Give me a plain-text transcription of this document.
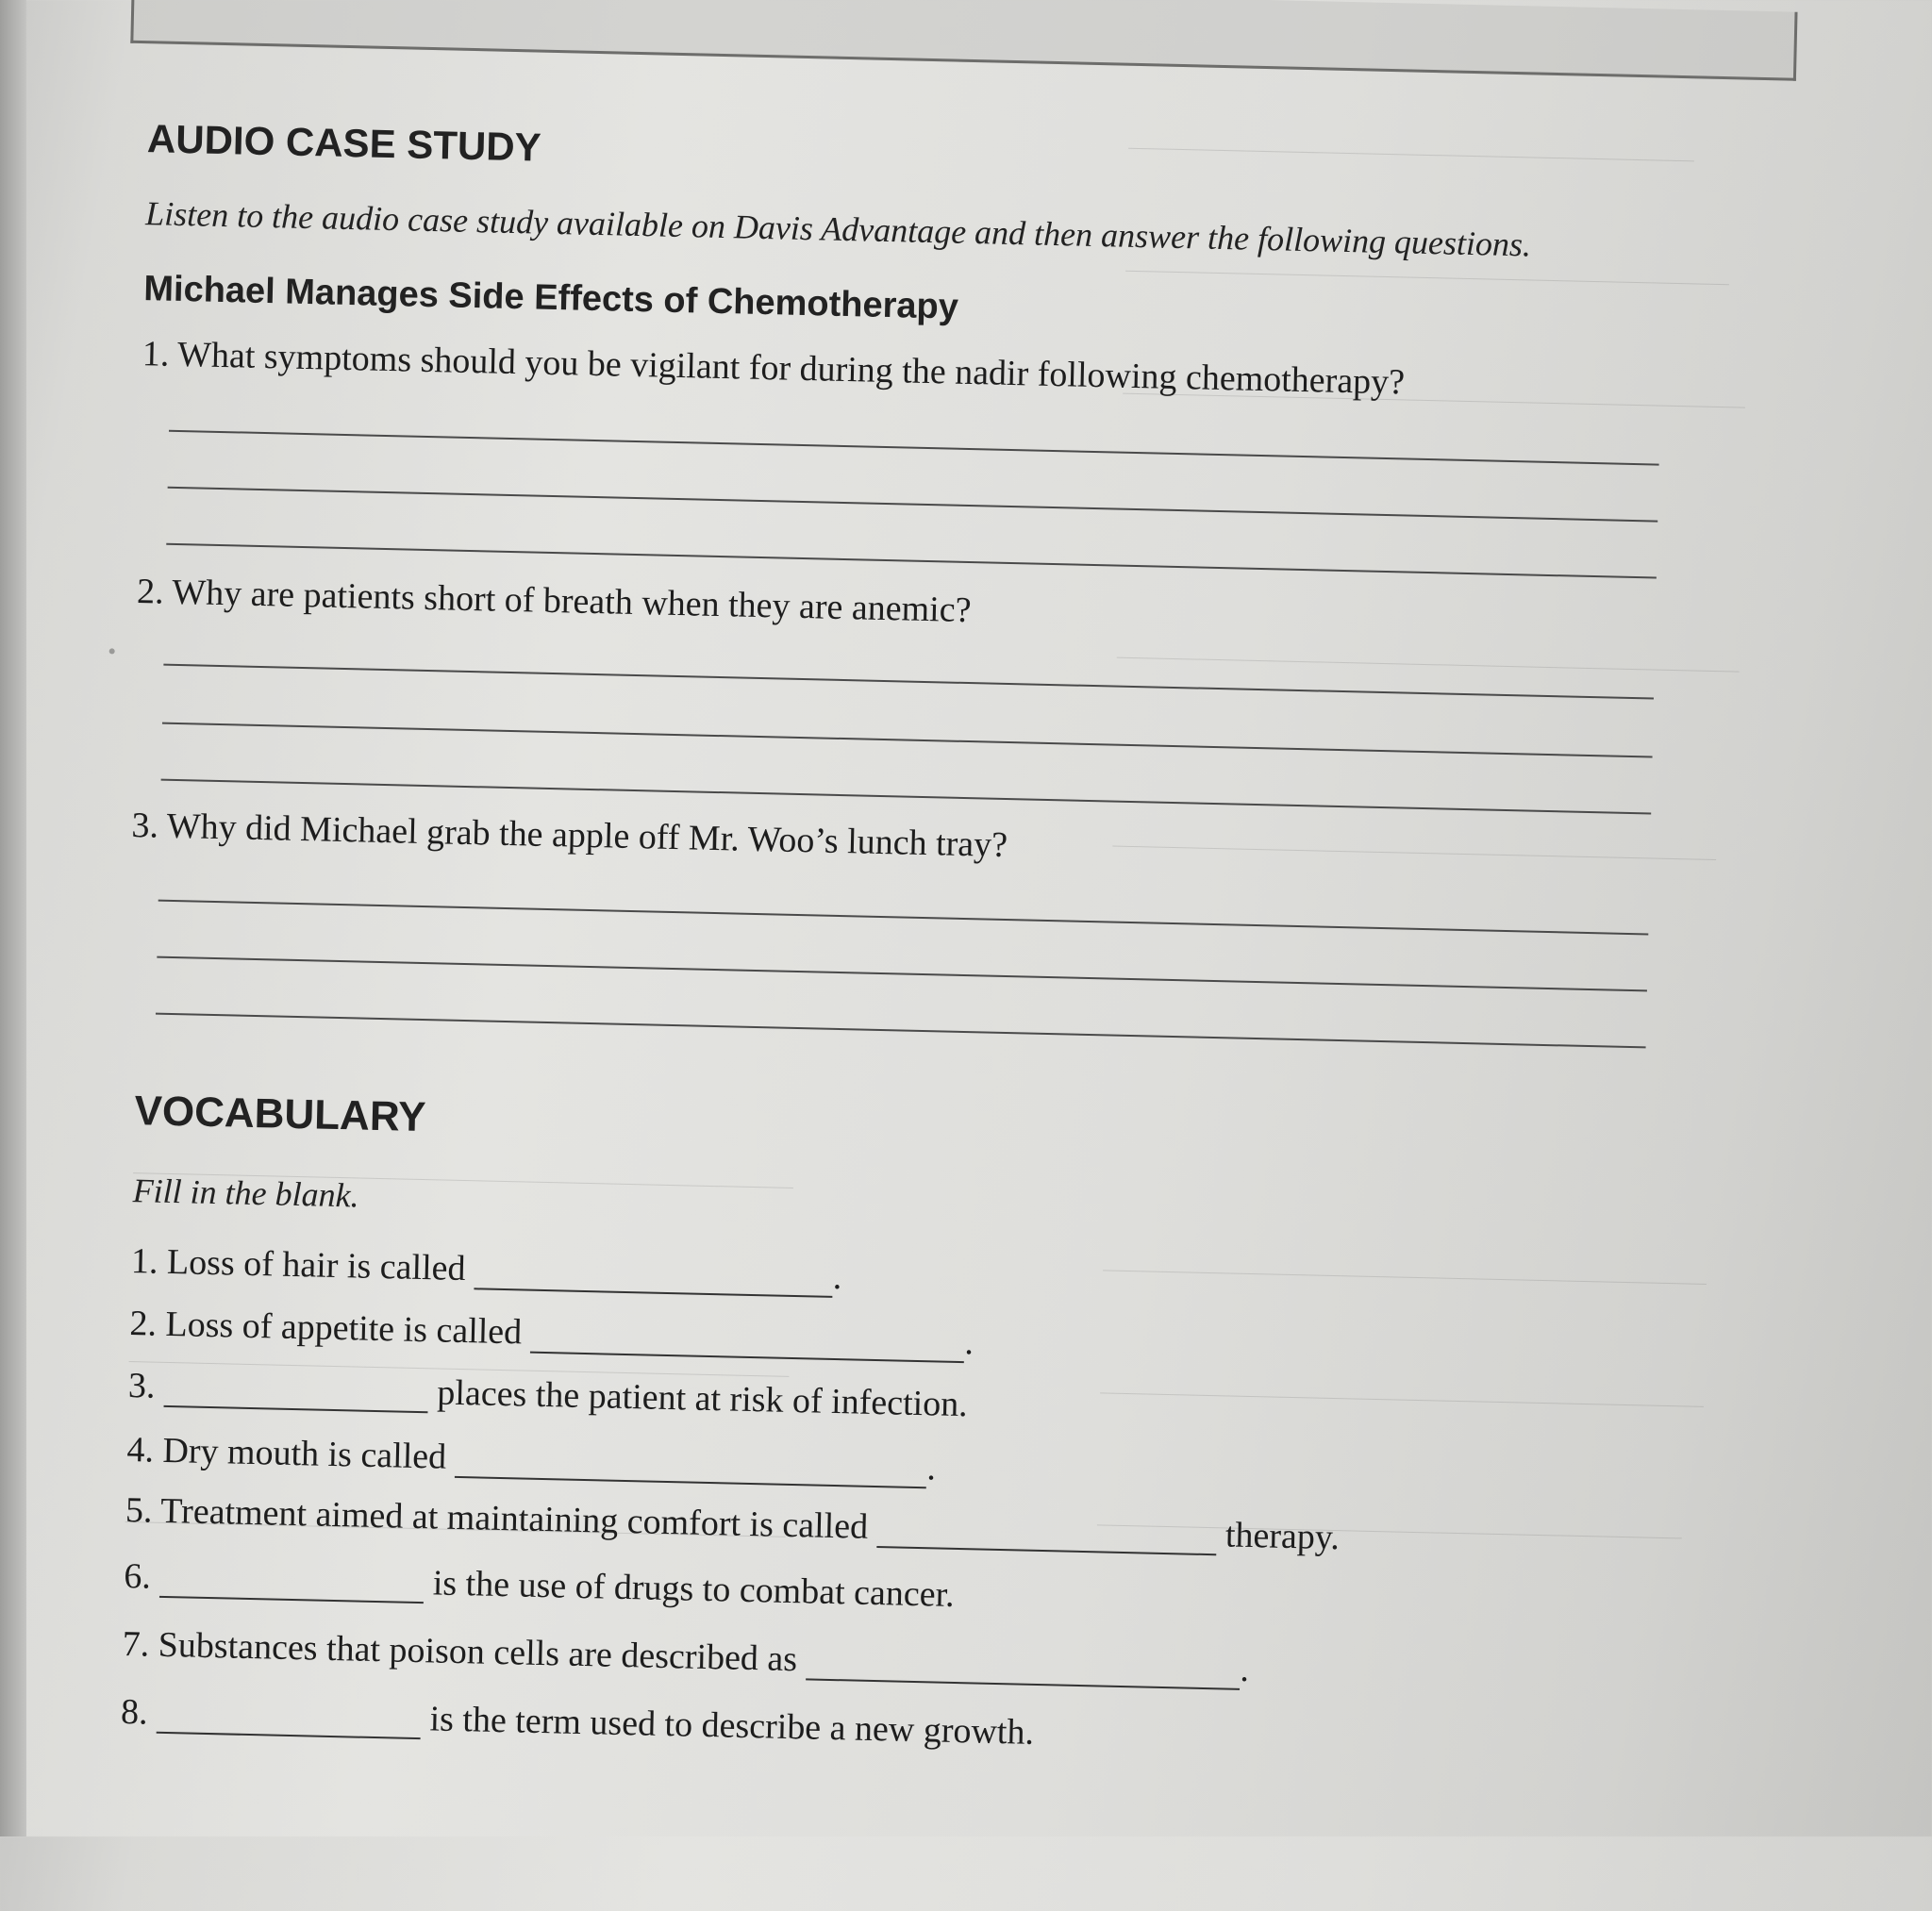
AUDIO CASE STUDY
Listen to the audio case study available on Davis Advantage and then answer the following questions.
Michael Manages Side Effects of Chemotherapy
1. What symptoms should you be vigilant for during the nadir following chemotherapy?
2. Why are patients short of breath when they are anemic?
3. Why did Michael grab the apple off Mr. Woo’s lunch tray?
VOCABULARY
Fill in the blank.
1. Loss of hair is called	.
2. Loss of appetite is called	.
3.	places the patient at risk of infection.
4. Dry mouth is called	.
5. Treatment aimed at maintaining comfort is called	therapy.
6.	is the use of drugs to combat cancer.
7. Substances that poison cells are described as	.
8.	is the term used to describe a new growth.
